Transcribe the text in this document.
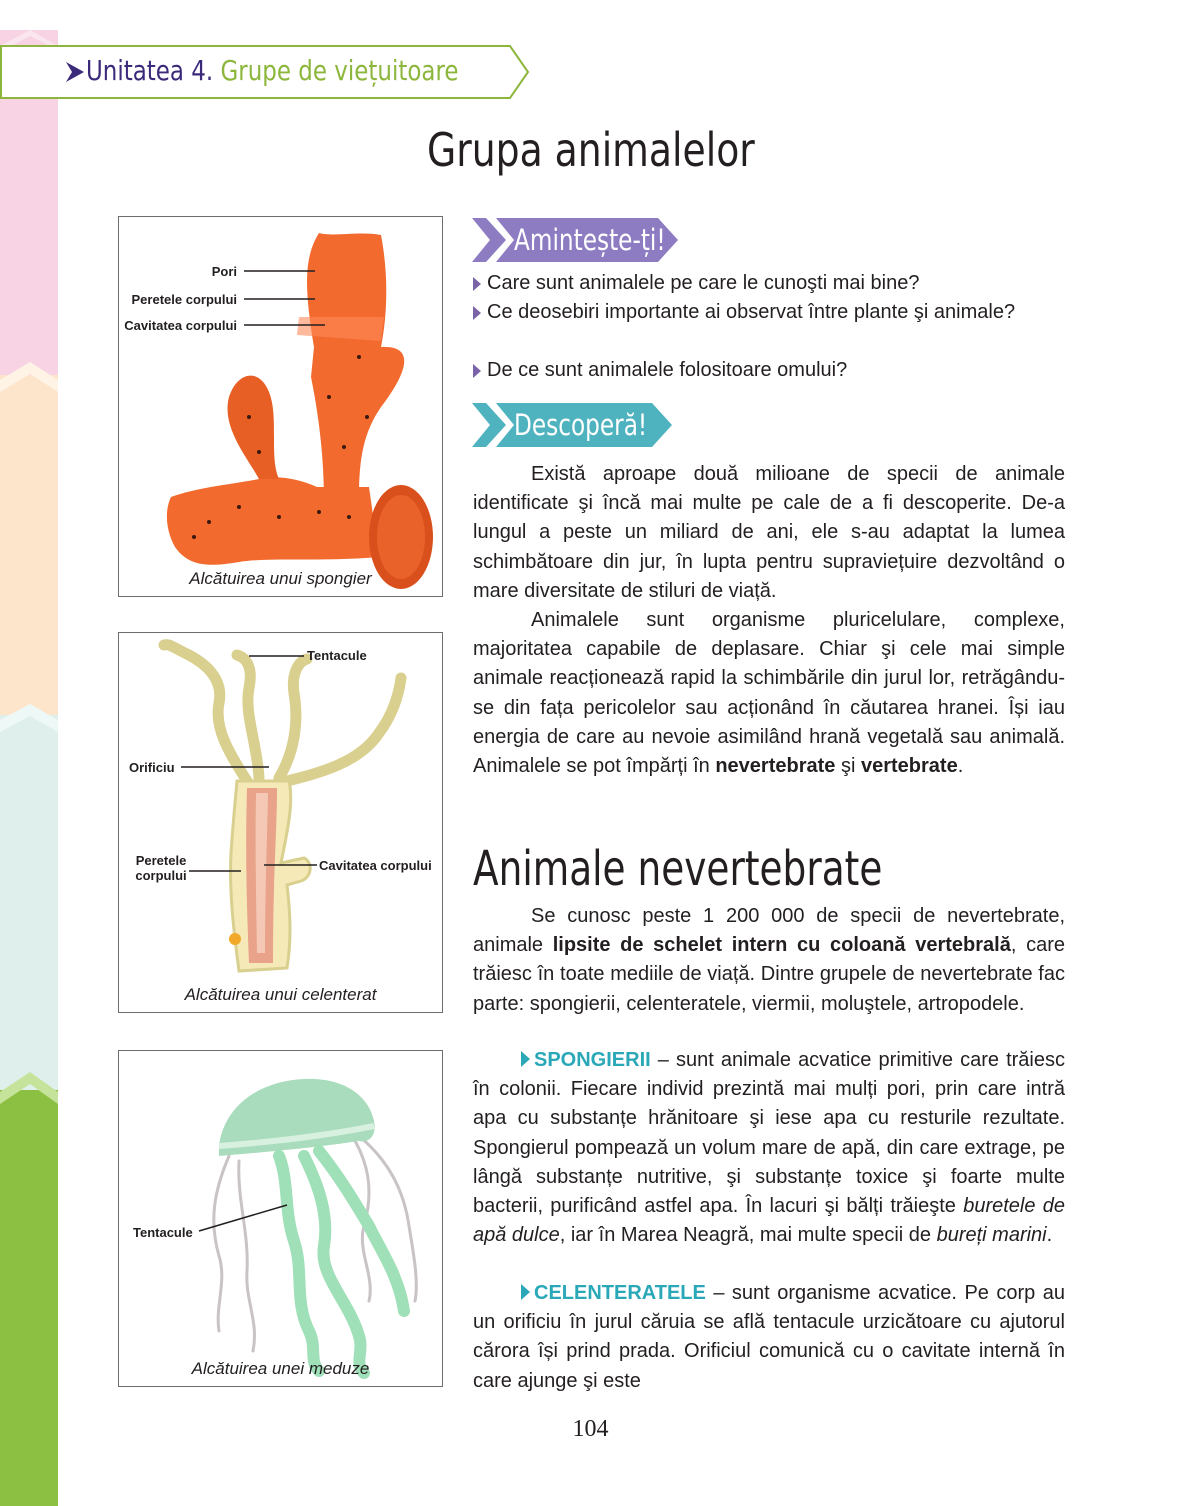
Unitatea 4. Grupe de viețuitoare
Grupa animalelor
Pori
Peretele corpului
Cavitatea corpului
Alcătuirea unui spongier
Tentacule
Orificiu
Peretele corpului
Cavitatea corpului
Alcătuirea unui celenterat
Tentacule
Alcătuirea unei meduze
Amintește-ți!
Care sunt animalele pe care le cunoşti mai bine?
Ce deosebiri importante ai observat între plante şi animale?
De ce sunt animalele folositoare omului?
Descoperă!

Există aproape două milioane de specii de animale identificate şi încă mai multe pe cale de a fi descoperite. De-a lungul a peste un miliard de ani, ele s-au adaptat la lumea schimbătoare din jur, în lupta pentru supraviețuire dezvoltând o mare diversitate de stiluri de viață.

Animalele sunt organisme pluricelulare, complexe, majoritatea capabile de deplasare. Chiar şi cele mai simple animale reacționează rapid la schimbările din jurul lor, retrăgându-se din fața pericolelor sau acționând în căutarea hranei. Își iau energia de care au nevoie asimilând hrană vegetală sau animală. Animalele se pot împărți în nevertebrate şi vertebrate.

Animale nevertebrate

Se cunosc peste 1 200 000 de specii de nevertebrate, animale lipsite de schelet intern cu coloană vertebrală, care trăiesc în toate mediile de viață. Dintre grupele de nevertebrate fac parte: spongierii, celenteratele, viermii, moluştele, artropodele.

SPONGIERII – sunt animale acvatice primitive care trăiesc în colonii. Fiecare individ prezintă mai mulți pori, prin care intră apa cu substanțe hrănitoare şi iese apa cu resturile rezultate. Spongierul pompează un volum mare de apă, din care extrage, pe lângă substanțe nutritive, şi substanțe toxice şi foarte multe bacterii, purificând astfel apa. În lacuri şi bălți trăieşte buretele de apă dulce, iar în Marea Neagră, mai multe specii de bureți marini.

CELENTERATELE – sunt organisme acvatice. Pe corp au un orificiu în jurul căruia se află tentacule urzicătoare cu ajutorul cărora își prind prada. Orificiul comunică cu o cavitate internă în care ajunge şi este

104
